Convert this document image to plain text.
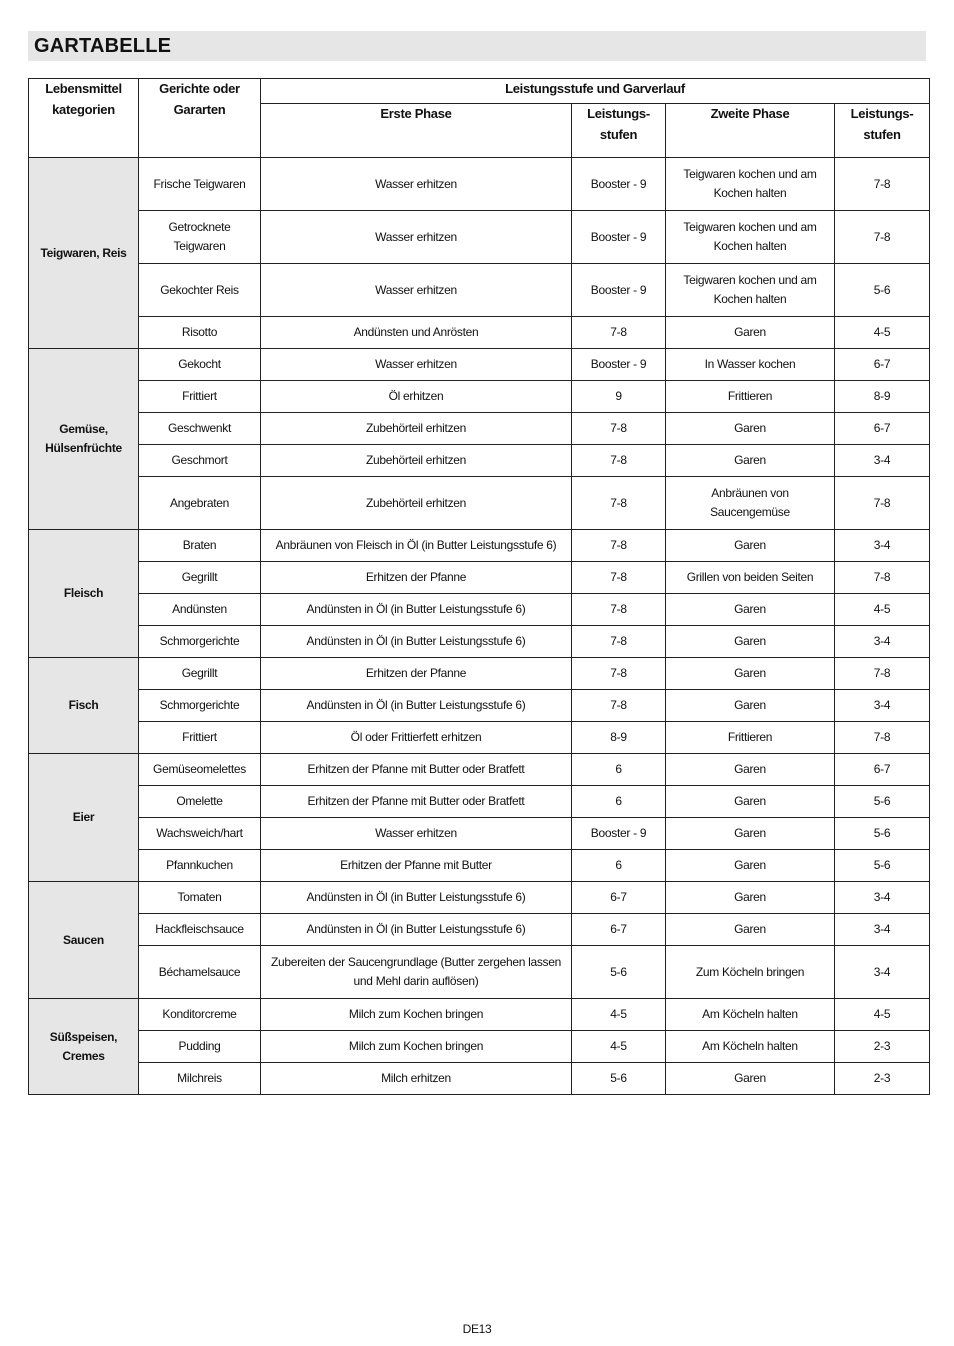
GARTABELLE
Lebensmittel kategorien	Gerichte oder Gararten	Leistungsstufe und Garverlauf			
		Erste Phase	Leistungs- stufen	Zweite Phase	Leistungs- stufen
Teigwaren, Reis	Frische Teigwaren	Wasser erhitzen	Booster - 9	Teigwaren kochen und am Kochen halten	7-8
	Getrocknete Teigwaren	Wasser erhitzen	Booster - 9	Teigwaren kochen und am Kochen halten	7-8
	Gekochter Reis	Wasser erhitzen	Booster - 9	Teigwaren kochen und am Kochen halten	5-6
	Risotto	Andünsten und Anrösten	7-8	Garen	4-5
Gemüse, Hülsenfrüchte	Gekocht	Wasser erhitzen	Booster - 9	In Wasser kochen	6-7
	Frittiert	Öl erhitzen	9	Frittieren	8-9
	Geschwenkt	Zubehörteil erhitzen	7-8	Garen	6-7
	Geschmort	Zubehörteil erhitzen	7-8	Garen	3-4
	Angebraten	Zubehörteil erhitzen	7-8	Anbräunen von Saucengemüse	7-8
Fleisch	Braten	Anbräunen von Fleisch in Öl (in Butter Leistungsstufe 6)	7-8	Garen	3-4
	Gegrillt	Erhitzen der Pfanne	7-8	Grillen von beiden Seiten	7-8
	Andünsten	Andünsten in Öl (in Butter Leistungsstufe 6)	7-8	Garen	4-5
	Schmorgerichte	Andünsten in Öl (in Butter Leistungsstufe 6)	7-8	Garen	3-4
Fisch	Gegrillt	Erhitzen der Pfanne	7-8	Garen	7-8
	Schmorgerichte	Andünsten in Öl (in Butter Leistungsstufe 6)	7-8	Garen	3-4
	Frittiert	Öl oder Frittierfett erhitzen	8-9	Frittieren	7-8
Eier	Gemüseomelettes	Erhitzen der Pfanne mit Butter oder Bratfett	6	Garen	6-7
	Omelette	Erhitzen der Pfanne mit Butter oder Bratfett	6	Garen	5-6
	Wachsweich/hart	Wasser erhitzen	Booster - 9	Garen	5-6
	Pfannkuchen	Erhitzen der Pfanne mit Butter	6	Garen	5-6
Saucen	Tomaten	Andünsten in Öl (in Butter Leistungsstufe 6)	6-7	Garen	3-4
	Hackfleischsauce	Andünsten in Öl (in Butter Leistungsstufe 6)	6-7	Garen	3-4
	Béchamelsauce	Zubereiten der Saucengrundlage (Butter zergehen lassen und Mehl darin auflösen)	5-6	Zum Köcheln bringen	3-4
Süßspeisen, Cremes	Konditorcreme	Milch zum Kochen bringen	4-5	Am Köcheln halten	4-5
	Pudding	Milch zum Kochen bringen	4-5	Am Köcheln halten	2-3
	Milchreis	Milch erhitzen	5-6	Garen	2-3
DE13
